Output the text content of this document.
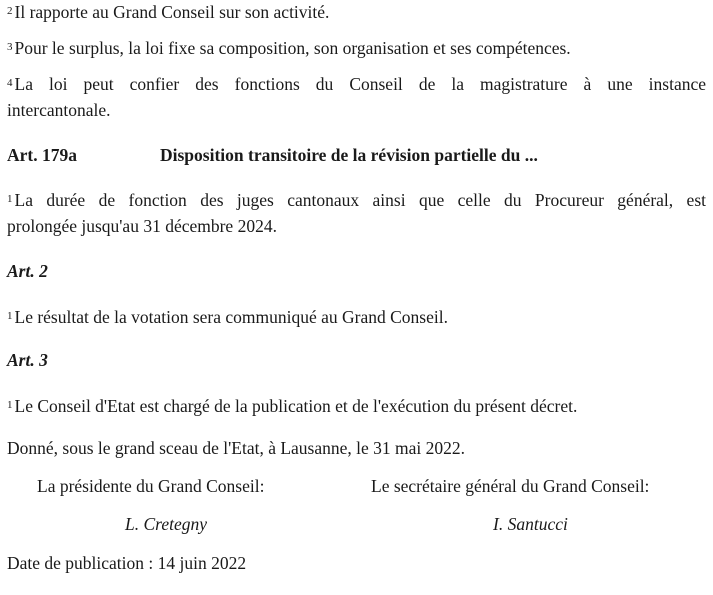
$^2$ Il rapporte au Grand Conseil sur son activité.
$^3$ Pour le surplus, la loi fixe sa composition, son organisation et ses compétences.
$^4$ La loi peut confier des fonctions du Conseil de la magistrature à une instance
intercantonale.
Art. 179a	Disposition transitoire de la révision partielle du ...
$^1$ La durée de fonction des juges cantonaux ainsi que celle du Procureur général, est
prolongée jusqu'au 31 décembre 2024.
Art. 2
$^1$ Le résultat de la votation sera communiqué au Grand Conseil.
Art. 3
$^1$ Le Conseil d'Etat est chargé de la publication et de l'exécution du présent décret.
Donné, sous le grand sceau de l'Etat, à Lausanne, le 31 mai 2022.
La présidente du Grand Conseil:	Le secrétaire général du Grand Conseil:
L. Cretegny	I. Santucci
Date de publication : 14 juin 2022
